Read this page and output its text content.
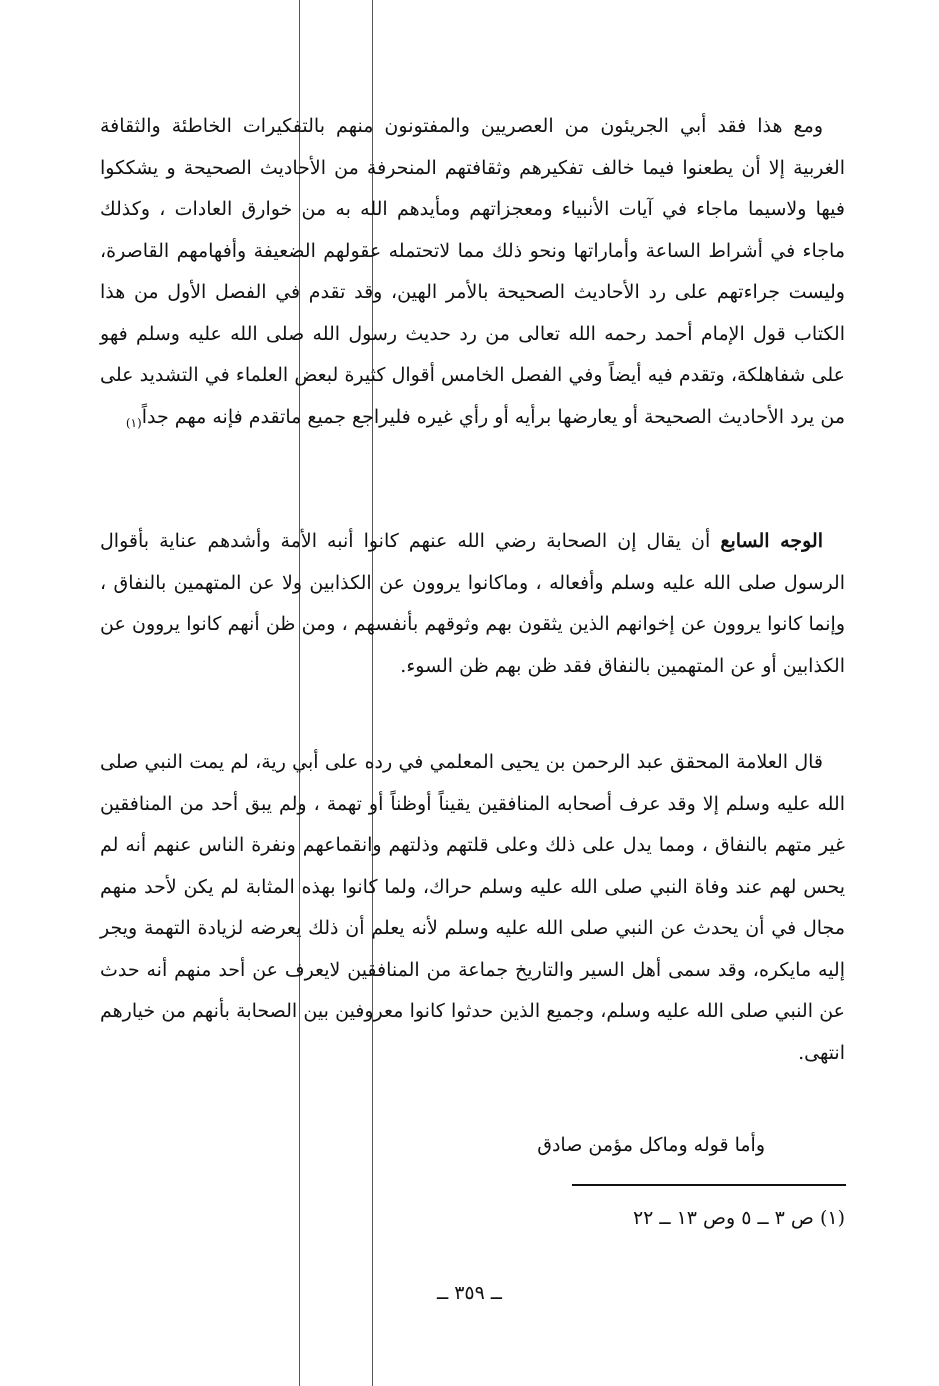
ومع هذا فقد أبي الجريئون من العصريين والمفتونون منهم بالتفكيرات الخاطئة والثقافة الغربية إلا أن يطعنوا فيما خالف تفكيرهم وثقافتهم المنحرفة من الأحاديث الصحيحة و يشككوا فيها ولاسيما ماجاء في آيات الأنبياء ومعجزاتهم ومأيدهم الله به من خوارق العادات ، وكذلك ماجاء في أشراط الساعة وأماراتها ونحو ذلك مما لاتحتمله عقولهم الضعيفة وأفهامهم القاصرة، وليست جراءتهم على رد الأحاديث الصحيحة بالأمر الهين، وقد تقدم في الفصل الأول من هذا الكتاب قول الإمام أحمد رحمه الله تعالى من رد حديث رسول الله صلى الله عليه وسلم فهو على شفاهلكة، وتقدم فيه أيضاً وفي الفصل الخامس أقوال كثيرة لبعض العلماء في التشديد على من يرد الأحاديث الصحيحة أو يعارضها برأيه أو رأي غيره فليراجع جميع ماتقدم فإنه مهم $جداً_{(١)}$

الوجه السابع أن يقال إن الصحابة رضي الله عنهم كانوا أنبه الأمة وأشدهم عناية بأقوال الرسول صلى الله عليه وسلم وأفعاله ، وماكانوا يروون عن الكذابين ولا عن المتهمين بالنفاق ، وإنما كانوا يروون عن إخوانهم الذين يثقون بهم وثوقهم بأنفسهم ، ومن ظن أنهم كانوا يروون عن الكذابين أو عن المتهمين بالنفاق فقد ظن بهم ظن السوء.

قال العلامة المحقق عبد الرحمن بن يحيى المعلمي في رده على أبي رية، لم يمت النبي صلى الله عليه وسلم إلا وقد عرف أصحابه المنافقين يقيناً أوظناً أو تهمة ، ولم يبق أحد من المنافقين غير متهم بالنفاق ، ومما يدل على ذلك وعلى قلتهم وذلتهم وانقماعهم ونفرة الناس عنهم أنه لم يحس لهم عند وفاة النبي صلى الله عليه وسلم حراك، ولما كانوا بهذه المثابة لم يكن لأحد منهم مجال في أن يحدث عن النبي صلى الله عليه وسلم لأنه يعلم أن ذلك يعرضه لزيادة التهمة ويجر إليه مايكره، وقد سمى أهل السير والتاريخ جماعة من المنافقين لايعرف عن أحد منهم أنه حدث عن النبي صلى الله عليه وسلم، وجميع الذين حدثوا كانوا معروفين بين الصحابة بأنهم من خيارهم انتهى.

وأما قوله وماكل مؤمن صادق

(١) ص ٣ ــ ٥ وص ١٣ ــ ٢٢
ــ ٣٥٩ ــ
